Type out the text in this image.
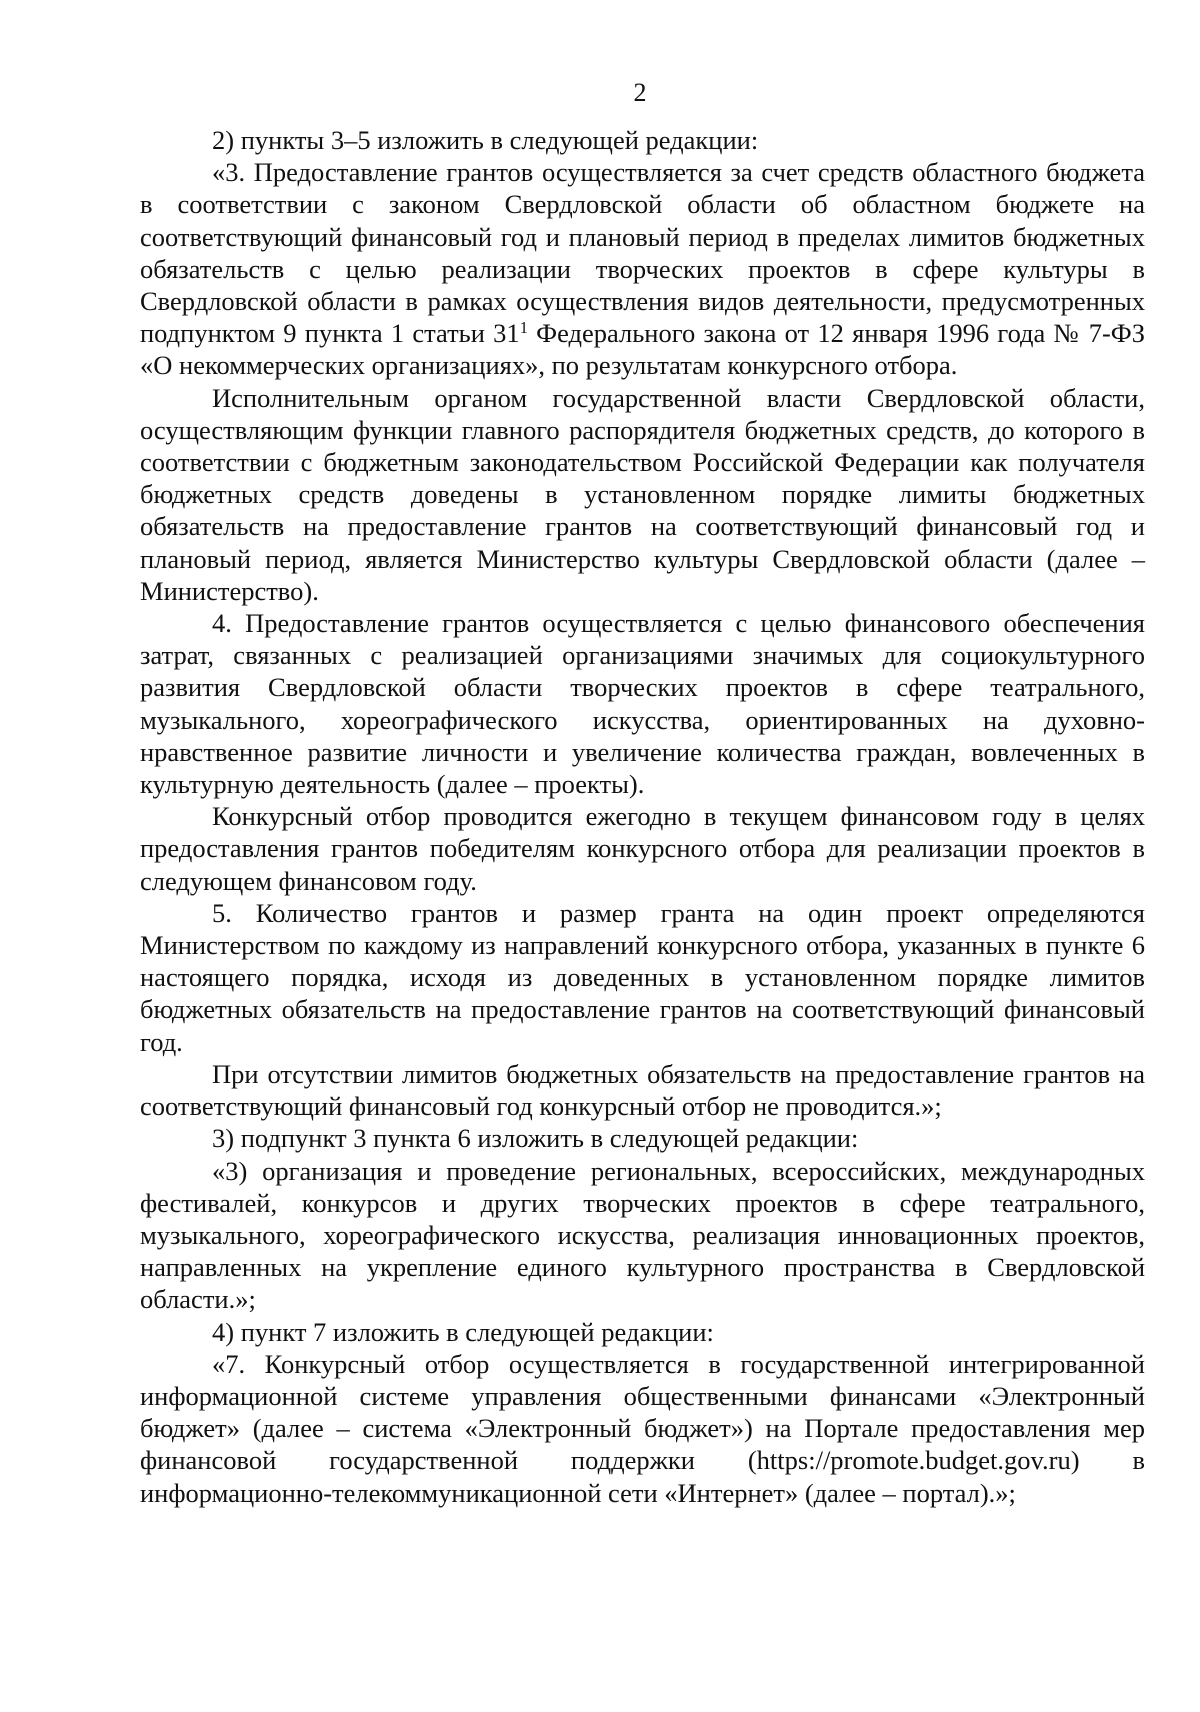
2

2) пункты 3–5 изложить в следующей редакции:

«3. Предоставление грантов осуществляется за счет средств областного бюджета в соответствии с законом Свердловской области об областном бюджете на соответствующий финансовый год и плановый период в пределах лимитов бюджетных обязательств с целью реализации творческих проектов в сфере культуры в Свердловской области в рамках осуществления видов деятельности, предусмотренных подпунктом 9 пункта 1 статьи $31^1$ Федерального закона от 12 января 1996 года № 7-ФЗ «О некоммерческих организациях», по результатам конкурсного отбора.

Исполнительным органом государственной власти Свердловской области, осуществляющим функции главного распорядителя бюджетных средств, до которого в соответствии с бюджетным законодательством Российской Федерации как получателя бюджетных средств доведены в установленном порядке лимиты бюджетных обязательств на предоставление грантов на соответствующий финансовый год и плановый период, является Министерство культуры Свердловской области (далее – Министерство).

4. Предоставление грантов осуществляется с целью финансового обеспечения затрат, связанных с реализацией организациями значимых для социокультурного развития Свердловской области творческих проектов в сфере театрального, музыкального, хореографического искусства, ориентированных на духовно-нравственное развитие личности и увеличение количества граждан, вовлеченных в культурную деятельность (далее – проекты).

Конкурсный отбор проводится ежегодно в текущем финансовом году в целях предоставления грантов победителям конкурсного отбора для реализации проектов в следующем финансовом году.

5. Количество грантов и размер гранта на один проект определяются Министерством по каждому из направлений конкурсного отбора, указанных в пункте 6 настоящего порядка, исходя из доведенных в установленном порядке лимитов бюджетных обязательств на предоставление грантов на соответствующий финансовый год.

При отсутствии лимитов бюджетных обязательств на предоставление грантов на соответствующий финансовый год конкурсный отбор не проводится.»;

3) подпункт 3 пункта 6 изложить в следующей редакции:

«3) организация и проведение региональных, всероссийских, международных фестивалей, конкурсов и других творческих проектов в сфере театрального, музыкального, хореографического искусства, реализация инновационных проектов, направленных на укрепление единого культурного пространства в Свердловской области.»;

4) пункт 7 изложить в следующей редакции:

«7. Конкурсный отбор осуществляется в государственной интегрированной информационной системе управления общественными финансами «Электронный бюджет» (далее – система «Электронный бюджет») на Портале предоставления мер финансовой государственной поддержки (https://promote.budget.gov.ru) в информационно-телекоммуникационной сети «Интернет» (далее – портал).»;
